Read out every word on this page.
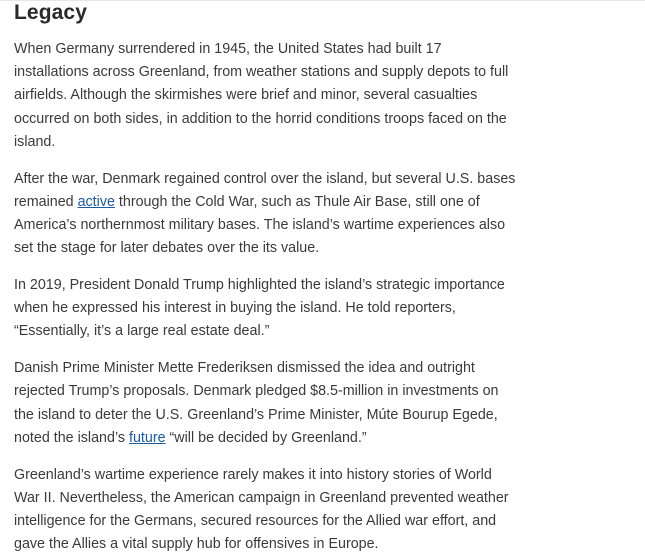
Legacy

When Germany surrendered in 1945, the United States had built 17 installations across Greenland, from weather stations and supply depots to full airfields. Although the skirmishes were brief and minor, several casualties occurred on both sides, in addition to the horrid conditions troops faced on the island.

After the war, Denmark regained control over the island, but several U.S. bases remained active through the Cold War, such as Thule Air Base, still one of America’s northernmost military bases. The island’s wartime experiences also set the stage for later debates over the its value.

In 2019, President Donald Trump highlighted the island’s strategic importance when he expressed his interest in buying the island. He told reporters, “Essentially, it’s a large real estate deal.”

Danish Prime Minister Mette Frederiksen dismissed the idea and outright rejected Trump’s proposals. Denmark pledged $8.5-million in investments on the island to deter the U.S. Greenland’s Prime Minister, Múte Bourup Egede, noted the island’s future “will be decided by Greenland.”

Greenland’s wartime experience rarely makes it into history stories of World War II. Nevertheless, the American campaign in Greenland prevented weather intelligence for the Germans, secured resources for the Allied war effort, and gave the Allies a vital supply hub for offensives in Europe.
